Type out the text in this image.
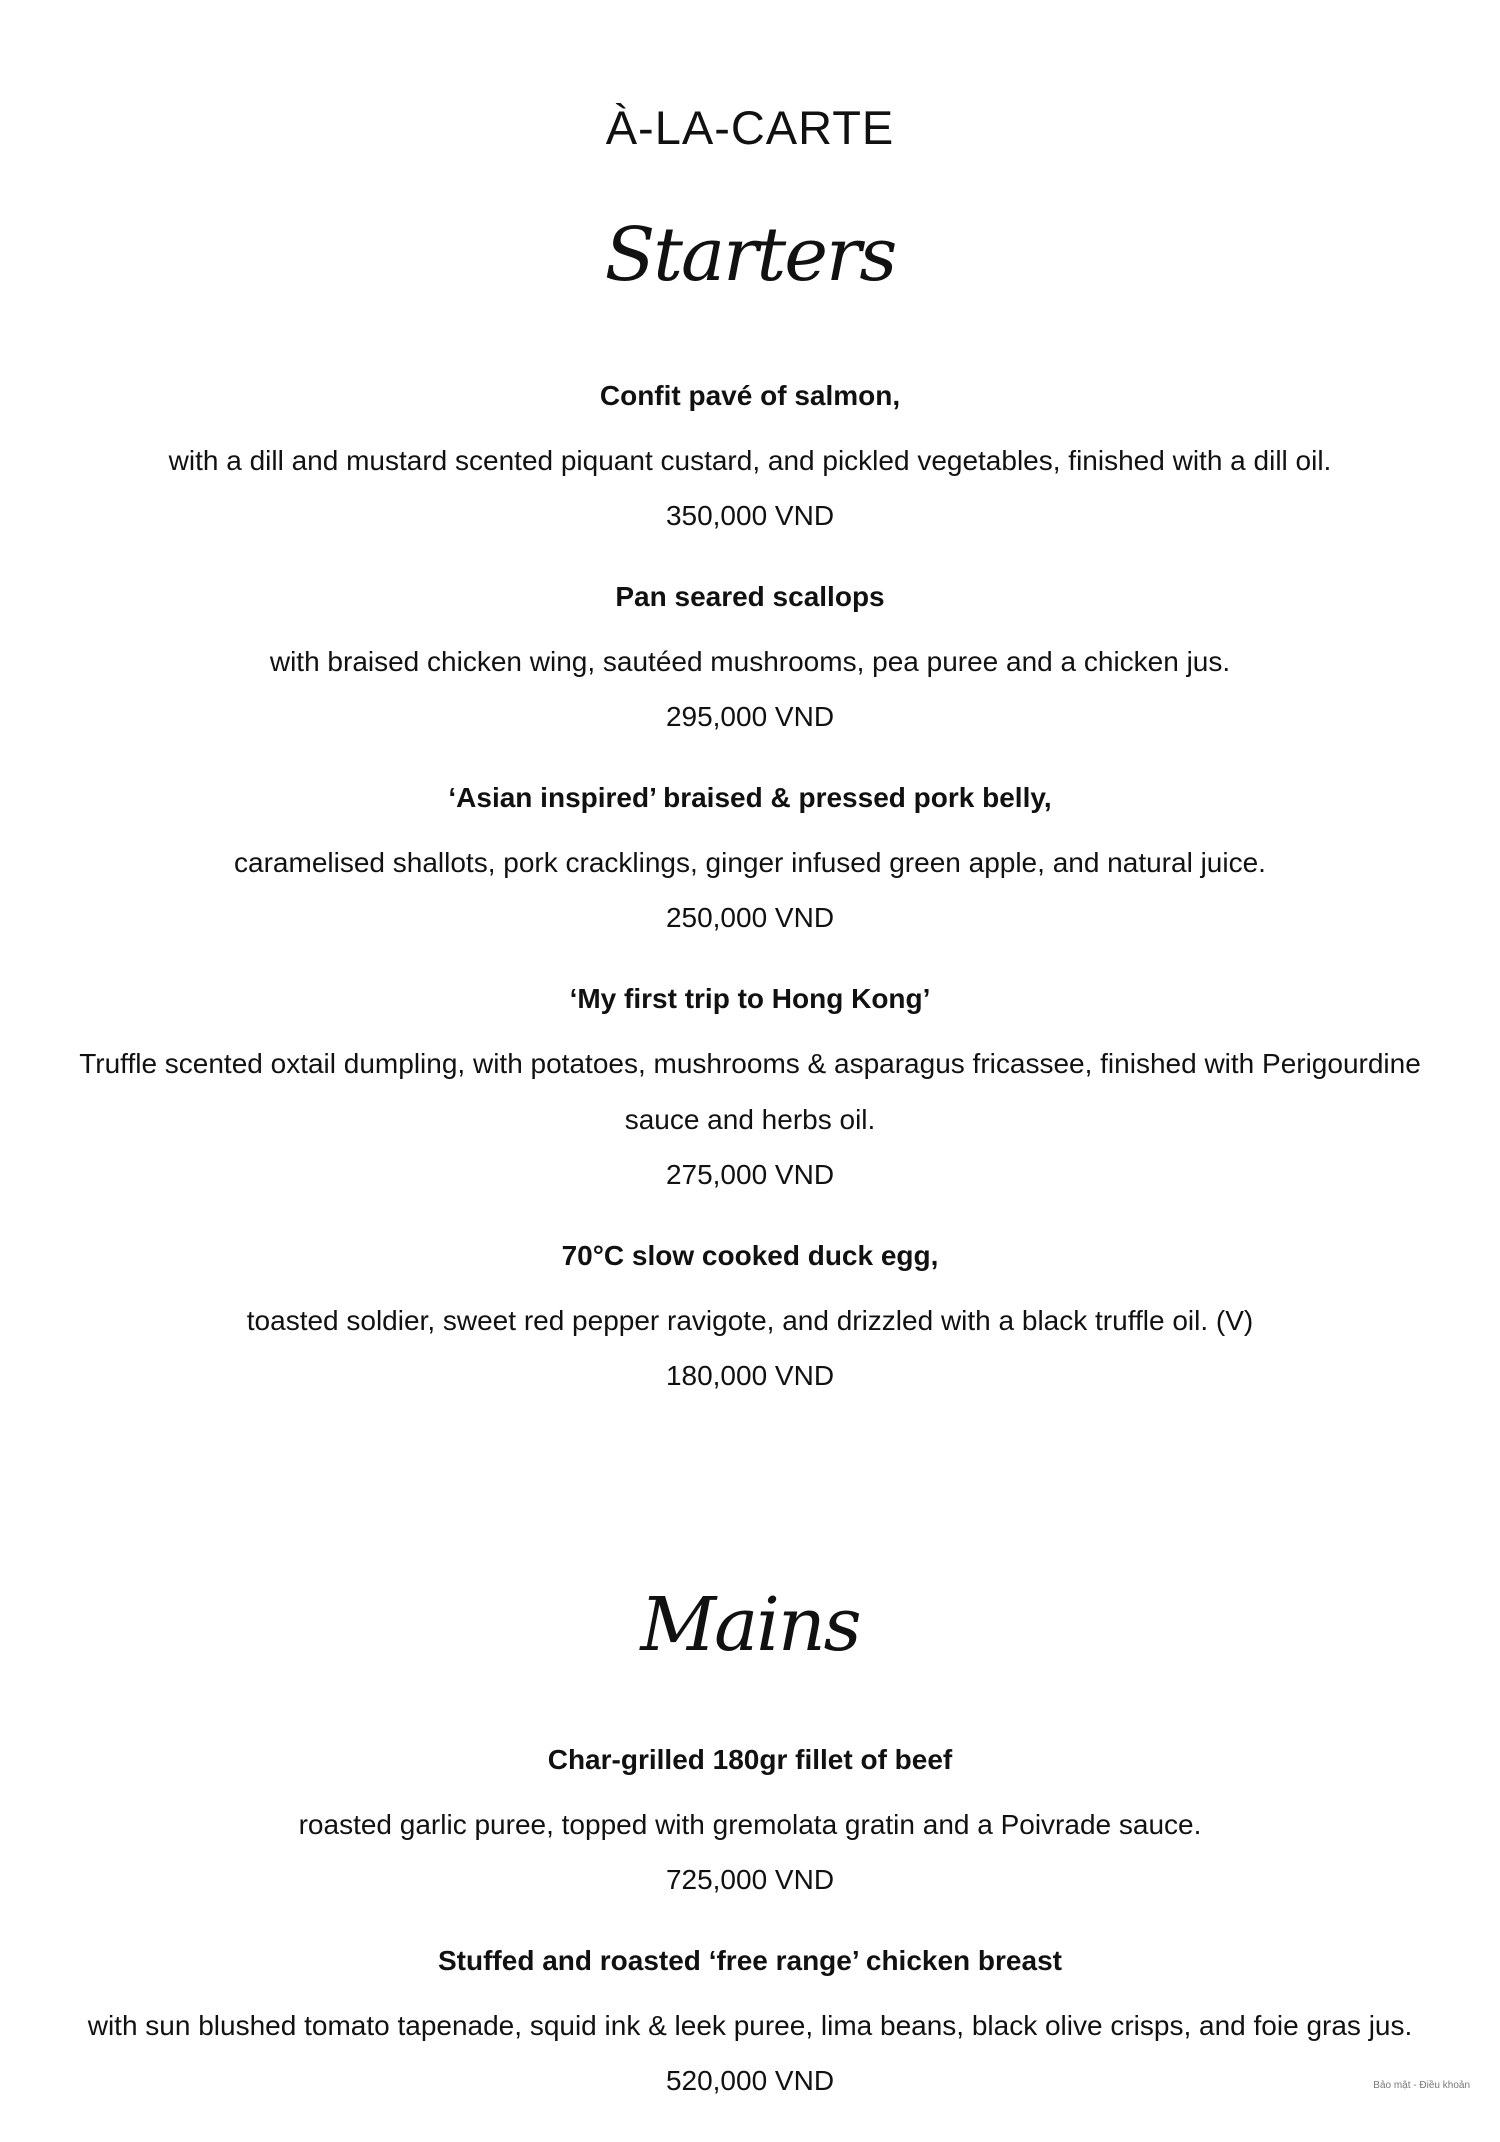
À-LA-CARTE
Starters
Confit pavé of salmon,
with a dill and mustard scented piquant custard, and pickled vegetables, finished with a dill oil.
350,000 VND
Pan seared scallops
with braised chicken wing, sautéed mushrooms, pea puree and a chicken jus.
295,000 VND
‘Asian inspired’ braised & pressed pork belly,
caramelised shallots, pork cracklings, ginger infused green apple, and natural juice.
250,000 VND
‘My first trip to Hong Kong’
Truffle scented oxtail dumpling, with potatoes, mushrooms & asparagus fricassee, finished with Perigourdine sauce and herbs oil.
275,000 VND
70°C slow cooked duck egg,
toasted soldier, sweet red pepper ravigote, and drizzled with a black truffle oil. (V)
180,000 VND
Mains
Char-grilled 180gr fillet of beef
roasted garlic puree, topped with gremolata gratin and a Poivrade sauce.
725,000 VND
Stuffed and roasted ‘free range’ chicken breast
with sun blushed tomato tapenade, squid ink & leek puree, lima beans, black olive crisps, and foie gras jus.
520,000 VND	Bảo mật - Điều khoản
